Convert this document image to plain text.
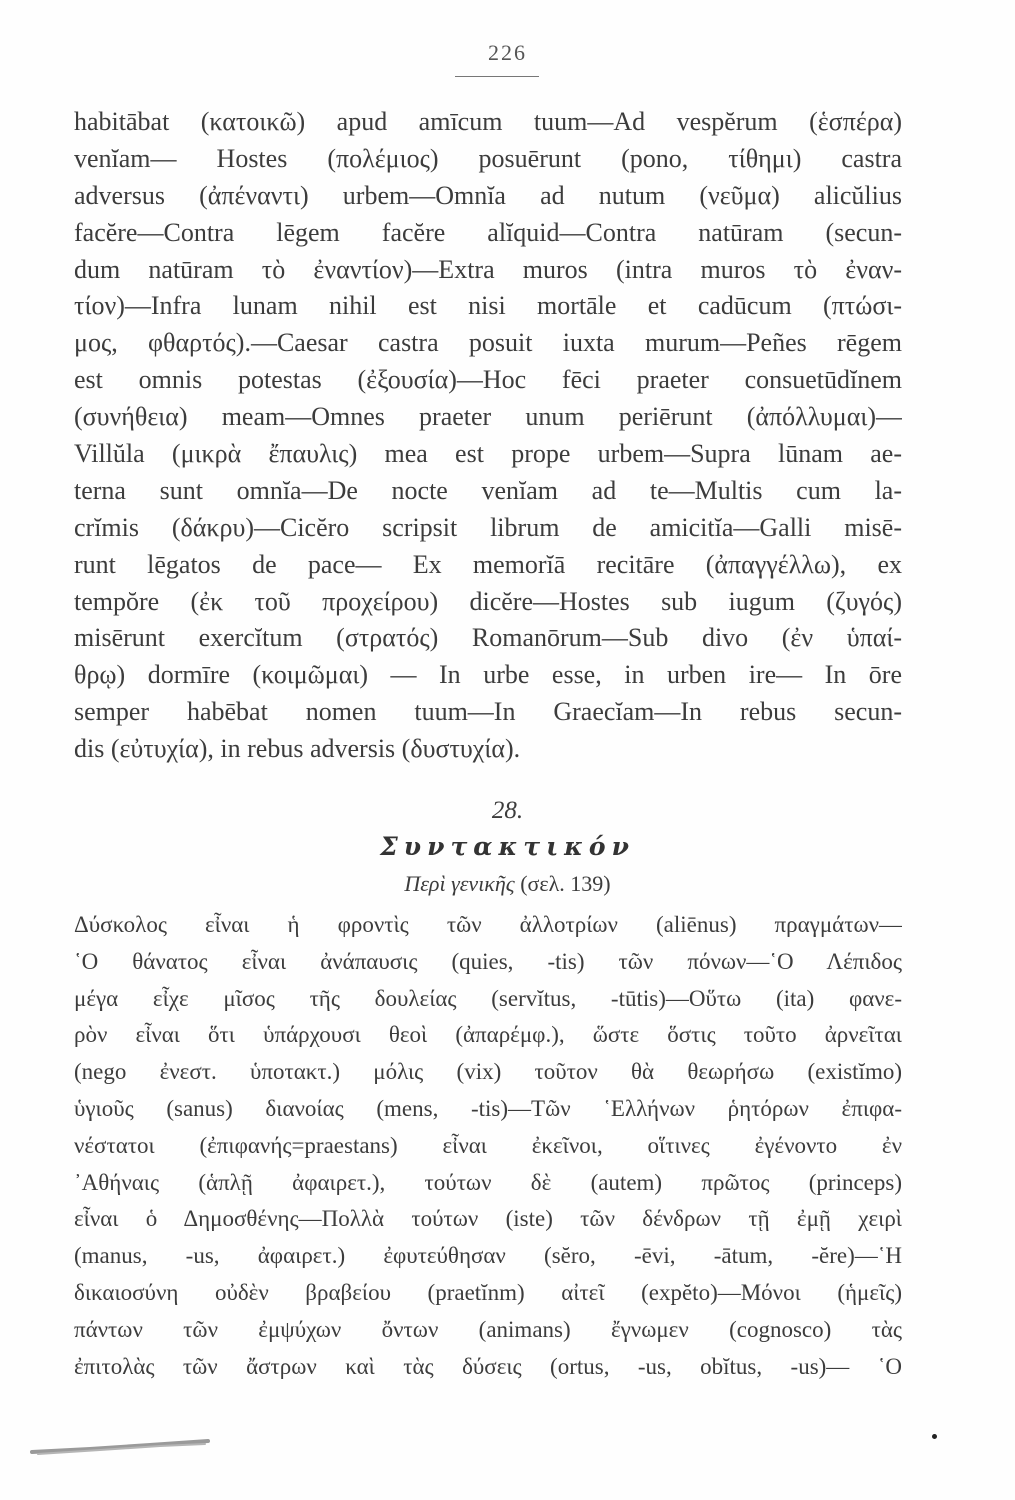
226
habitābat (κατοικῶ) apud amīcum tuum—Ad vespĕrum (ἑσπέρα)
venĭam— Hostes (πολέμιος) posuērunt (pono, τίθημι) castra
adversus (ἀπέναντι) urbem—Omnĭa ad nutum (νεῦμα) alicŭlius
facĕre—Contra lēgem facĕre alĭquid—Contra natūram (secun-
dum natūram τὸ ἐναντίον)—Extra muros (intra muros τὸ ἐναν-
τίον)—Infra lunam nihil est nisi mortāle et cadūcum (πτώσι-
μος, φθαρτός).—Caesar castra posuit iuxta murum—Peñes rēgem
est omnis potestas (ἐξουσία)—Hoc fēci praeter consuetūdĭnem
(συνήθεια) meam—Omnes praeter unum periērunt (ἀπόλλυμαι)—
Villŭla (μικρὰ ἔπαυλις) mea est prope urbem—Supra lūnam ae-
terna sunt omnĭa—De nocte venĭam ad te—Multis cum la-
crĭmis (δάκρυ)—Cicĕro scripsit librum de amicitĭa—Galli misē-
runt lēgatos de pace— Ex memorĭā recitāre (ἀπαγγέλλω), ex
tempŏre (ἐκ τοῦ προχείρου) dicĕre—Hostes sub iugum (ζυγός)
misērunt exercĭtum (στρατός) Romanōrum—Sub divo (ἐν ὑπαί-
θρῳ) dormīre (κοιμῶμαι) — In urbe esse, in urben ire— In ōre
semper habēbat nomen tuum—In Graecĭam—In rebus secun-
dis (εὐτυχία), in rebus adversis (δυστυχία).
28.
Συντακτικόν
Περὶ γενικῆς (σελ. 139)
Δύσκολος εἶναι ἡ φροντὶς τῶν ἀλλοτρίων (aliēnus) πραγμάτων—
῾Ο θάνατος εἶναι ἀνάπαυσις (quies, -tis) τῶν πόνων—῾Ο Λέπιδος
μέγα εἶχε μῖσος τῆς δουλείας (servĭtus, -tūtis)—Οὕτω (ita) φανε-
ρὸν εἶναι ὅτι ὑπάρχουσι θεοὶ (ἀπαρέμφ.), ὥστε ὅστις τοῦτο ἀρνεῖται
(nego ἐνεστ. ὑποτακτ.) μόλις (vix) τοῦτον θὰ θεωρήσω (existĭmo)
ὑγιοῦς (sanus) διανοίας (mens, -tis)—Τῶν ῾Ελλήνων ῥητόρων ἐπιφα-
νέστατοι (ἐπιφανής=praestans) εἶναι ἐκεῖνοι, οἵτινες ἐγένοντο ἐν
᾿Αθήναις (ἁπλῇ ἀφαιρετ.), τούτων δὲ (autem) πρῶτος (princeps)
εἶναι ὁ Δημοσθένης—Πολλὰ τούτων (iste) τῶν δένδρων τῇ ἐμῇ χειρὶ
(manus, -us, ἀφαιρετ.) ἐφυτεύθησαν (sĕro, -ēvi, -ātum, -ĕre)—῾Η
δικαιοσύνη οὐδὲν βραβείου (praetĭnm) αἰτεῖ (expĕto)—Μόνοι (ἡμεῖς)
πάντων τῶν ἐμψύχων ὄντων (animans) ἔγνωμεν (cognosco) τὰς
ἐπιτολὰς τῶν ἄστρων καὶ τὰς δύσεις (ortus, -us, obĭtus, -us)— ῾Ο
